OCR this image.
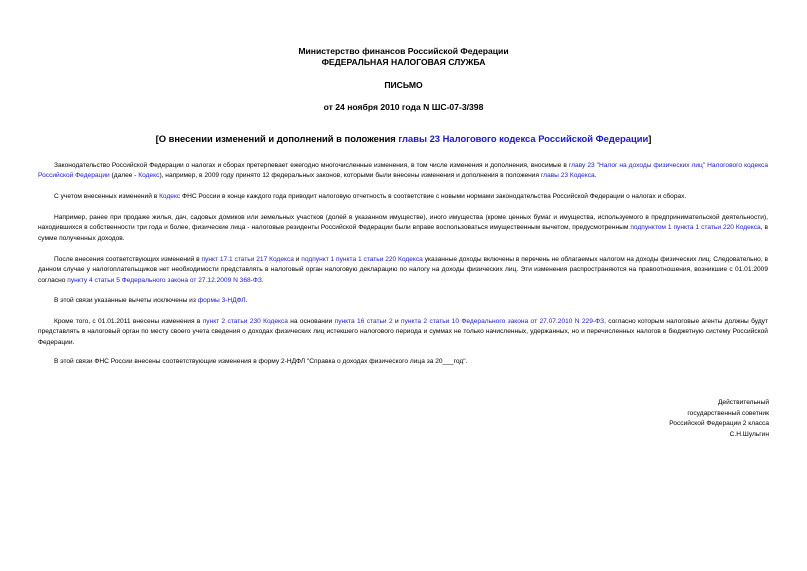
Министерство финансов Российской Федерации
ФЕДЕРАЛЬНАЯ НАЛОГОВАЯ СЛУЖБА
ПИСЬМО
от 24 ноября 2010 года N ШС-07-3/398
[О внесении изменений и дополнений в положения главы 23 Налогового кодекса Российской Федерации]
Законодательство Российской Федерации о налогах и сборах претерпевает ежегодно многочисленные изменения, в том числе изменения и дополнения, вносимые в главу 23 "Налог на доходы физических лиц" Налогового кодекса Российской Федерации (далее - Кодекс), например, в 2009 году принято 12 федеральных законов, которыми были внесены изменения и дополнения в положения главы 23 Кодекса.
С учетом внесенных изменений в Кодекс ФНС России в конце каждого года приводит налоговую отчетность в соответствие с новыми нормами законодательства Российской Федерации о налогах и сборах.
Например, ранее при продаже жилья, дач, садовых домиков или земельных участков (долей в указанном имуществе), иного имущества (кроме ценных бумаг и имущества, используемого в предпринимательской деятельности), находившихся в собственности три года и более, физические лица - налоговые резиденты Российской Федерации были вправе воспользоваться имущественным вычетом, предусмотренным подпунктом 1 пункта 1 статьи 220 Кодекса, в сумме полученных доходов.
После внесения соответствующих изменений в пункт 17.1 статьи 217 Кодекса и подпункт 1 пункта 1 статьи 220 Кодекса указанные доходы включены в перечень не облагаемых налогом на доходы физических лиц. Следовательно, в данном случае у налогоплательщиков нет необходимости представлять в налоговый орган налоговую декларацию по налогу на доходы физических лиц. Эти изменения распространяются на правоотношения, возникшие с 01.01.2009 согласно пункту 4 статьи 5 Федерального закона от 27.12.2009 N 368-ФЗ.
В этой связи указанные вычеты исключены из формы 3-НДФЛ.
Кроме того, с 01.01.2011 внесены изменения в пункт 2 статьи 230 Кодекса на основании пункта 16 статьи 2 и пункта 2 статьи 10 Федерального закона от 27.07.2010 N 229-ФЗ, согласно которым налоговые агенты должны будут представлять в налоговый орган по месту своего учета сведения о доходах физических лиц истекшего налогового периода и суммах не только начисленных, удержанных, но и перечисленных налогов в бюджетную систему Российской Федерации.
В этой связи ФНС России внесены соответствующие изменения в форму 2-НДФЛ "Справка о доходах физического лица за 20___год".
Действительный
государственный советник
Российской Федерации 2 класса
С.Н.Шульгин
